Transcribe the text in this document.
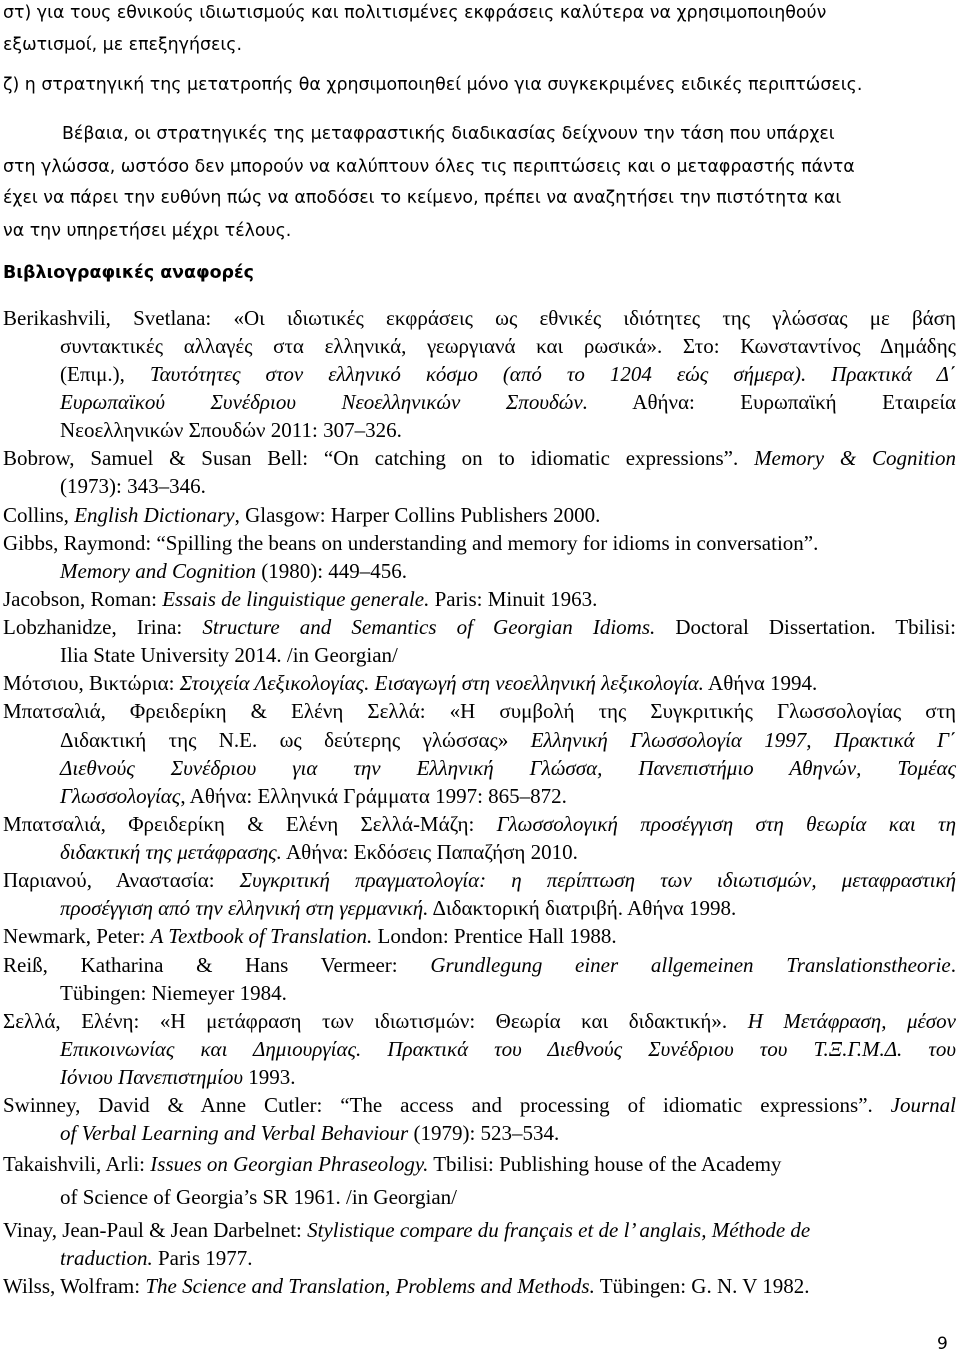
στ) για τους εθνικούς ιδιωτισμούς και πολιτισμένες εκφράσεις καλύτερα να χρησιμοποιηθούν
εξωτισμοί, με επεξηγήσεις.
ζ) η στρατηγική της μετατροπής θα χρησιμοποιηθεί μόνο για συγκεκριμένες ειδικές περιπτώσεις.
Βέβαια, οι στρατηγικές της μεταφραστικής διαδικασίας δείχνουν την τάση που υπάρχει
στη γλώσσα, ωστόσο δεν μπορούν να καλύπτουν όλες τις περιπτώσεις και ο μεταφραστής πάντα
έχει να πάρει την ευθύνη πώς να αποδόσει το κείμενο, πρέπει να αναζητήσει την πιστότητα και
να την υπηρετήσει μέχρι τέλους.
Βιβλιογραφικές αναφορές
Berikashvili, Svetlana: «Οι ιδιωτικές εκφράσεις ως εθνικές ιδιότητες της γλώσσας με βάση
συντακτικές αλλαγές στα ελληνικά, γεωργιανά και ρωσικά». Στο: Κωνσταντίνος Δημάδης
(Επιμ.), Ταυτότητες στον ελληνικό κόσμο (από το 1204 εώς σήμερα). Πρακτικά Δ΄
Ευρωπαϊκού Συνέδριου Νεοελληνικών Σπουδών. Αθήνα: Ευρωπαϊκή Εταιρεία
Νεοελληνικών Σπουδών 2011: 307–326.
Bobrow, Samuel & Susan Bell: “On catching on to idiomatic expressions”. Memory & Cognition
(1973): 343–346.
Collins, English Dictionary, Glasgow: Harper Collins Publishers 2000.
Gibbs, Raymond: “Spilling the beans on understanding and memory for idioms in conversation”.
Memory and Cognition (1980): 449–456.
Jacobson, Roman: Essais de linguistique generale. Paris: Minuit 1963.
Lobzhanidze, Irina: Structure and Semantics of Georgian Idioms. Doctoral Dissertation. Tbilisi:
Ilia State University 2014. /in Georgian/
Μότσιου, Βικτώρια: Στοιχεία Λεξικολογίας. Εισαγωγή στη νεοελληνική λεξικολογία. Αθήνα 1994.
Μπατσαλιά, Φρειδερίκη & Ελένη Σελλά: «Η συμβολή της Συγκριτικής Γλωσσολογίας στη
Διδακτική της Ν.Ε. ως δεύτερης γλώσσας» Ελληνική Γλωσσολογία 1997, Πρακτικά Γ΄
Διεθνούς Συνέδριου για την Ελληνική Γλώσσα, Πανεπιστήμιο Αθηνών, Τομέας
Γλωσσολογίας, Αθήνα: Ελληνικά Γράμματα 1997: 865–872.
Μπατσαλιά, Φρειδερίκη & Ελένη Σελλά-Μάζη: Γλωσσολογική προσέγγιση στη θεωρία και τη
διδακτική της μετάφρασης. Αθήνα: Εκδόσεις Παπαζήση 2010.
Παριανού, Αναστασία: Συγκριτική πραγματολογία: η περίπτωση των ιδιωτισμών, μεταφραστική
προσέγγιση από την ελληνική στη γερμανική. Διδακτορική διατριβή. Αθήνα 1998.
Newmark, Peter: A Textbook of Translation. London: Prentice Hall 1988.
Reiß, Katharina & Hans Vermeer: Grundlegung einer allgemeinen Translationstheorie.
Tübingen: Niemeyer 1984.
Σελλά, Ελένη: «Η μετάφραση των ιδιωτισμών: Θεωρία και διδακτική». Η Μετάφραση, μέσον
Επικοινωνίας και Δημιουργίας. Πρακτικά του Διεθνούς Συνέδριου του Τ.Ξ.Γ.Μ.Δ. του
Ιόνιου Πανεπιστημίου 1993.
Swinney, David & Anne Cutler: “The access and processing of idiomatic expressions”. Journal
of Verbal Learning and Verbal Behaviour (1979): 523–534.
Takaishvili, Arli: Issues on Georgian Phraseology. Tbilisi: Publishing house of the Academy
of Science of Georgia’s SR 1961. /in Georgian/
Vinay, Jean-Paul & Jean Darbelnet: Stylistique compare du français et de l’ anglais, Méthode de
traduction. Paris 1977.
Wilss, Wolfram: The Science and Translation, Problems and Methods. Tübingen: G. N. V 1982.
9
